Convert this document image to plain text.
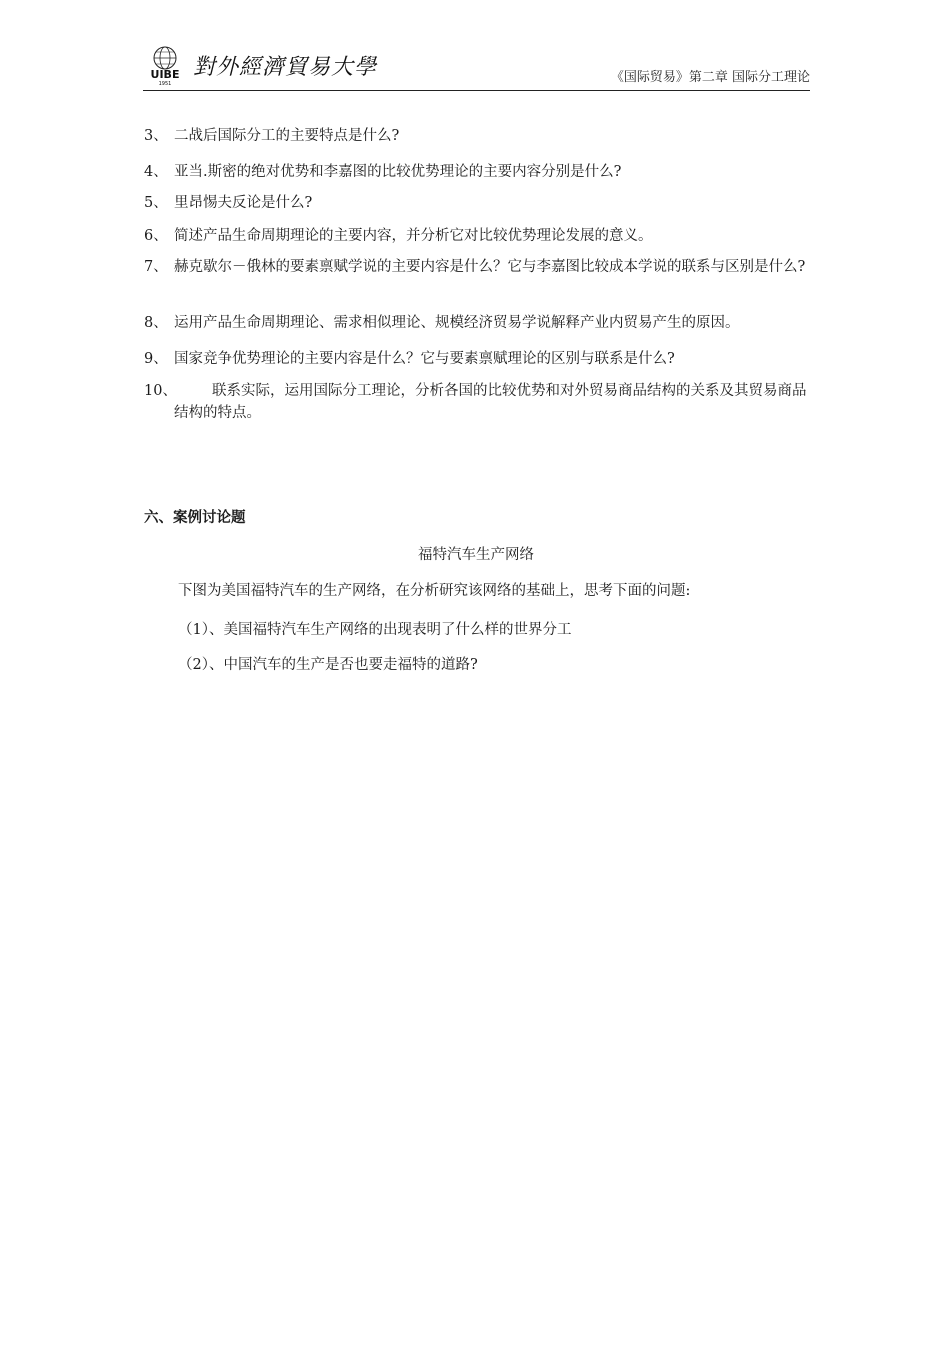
UIBE
1951
對外經濟貿易大學	《国际贸易》第二章 国际分工理论
3、 二战后国际分工的主要特点是什么?
4、 亚当.斯密的绝对优势和李嘉图的比较优势理论的主要内容分别是什么?
5、 里昂惕夫反论是什么?
6、 简述产品生命周期理论的主要内容，并分析它对比较优势理论发展的意义。
7、 赫克歇尔－俄林的要素禀赋学说的主要内容是什么？它与李嘉图比较成本学说的联系与区别是什么?
8、 运用产品生命周期理论、需求相似理论、规模经济贸易学说解释产业内贸易产生的原因。
9、 国家竞争优势理论的主要内容是什么？它与要素禀赋理论的区别与联系是什么?
10、	联系实际，运用国际分工理论，分析各国的比较优势和对外贸易商品结构的关系及其贸易商品结构的特点。
六、案例讨论题
福特汽车生产网络
下图为美国福特汽车的生产网络，在分析研究该网络的基础上，思考下面的问题:
（1）、美国福特汽车生产网络的出现表明了什么样的世界分工
（2）、中国汽车的生产是否也要走福特的道路?
